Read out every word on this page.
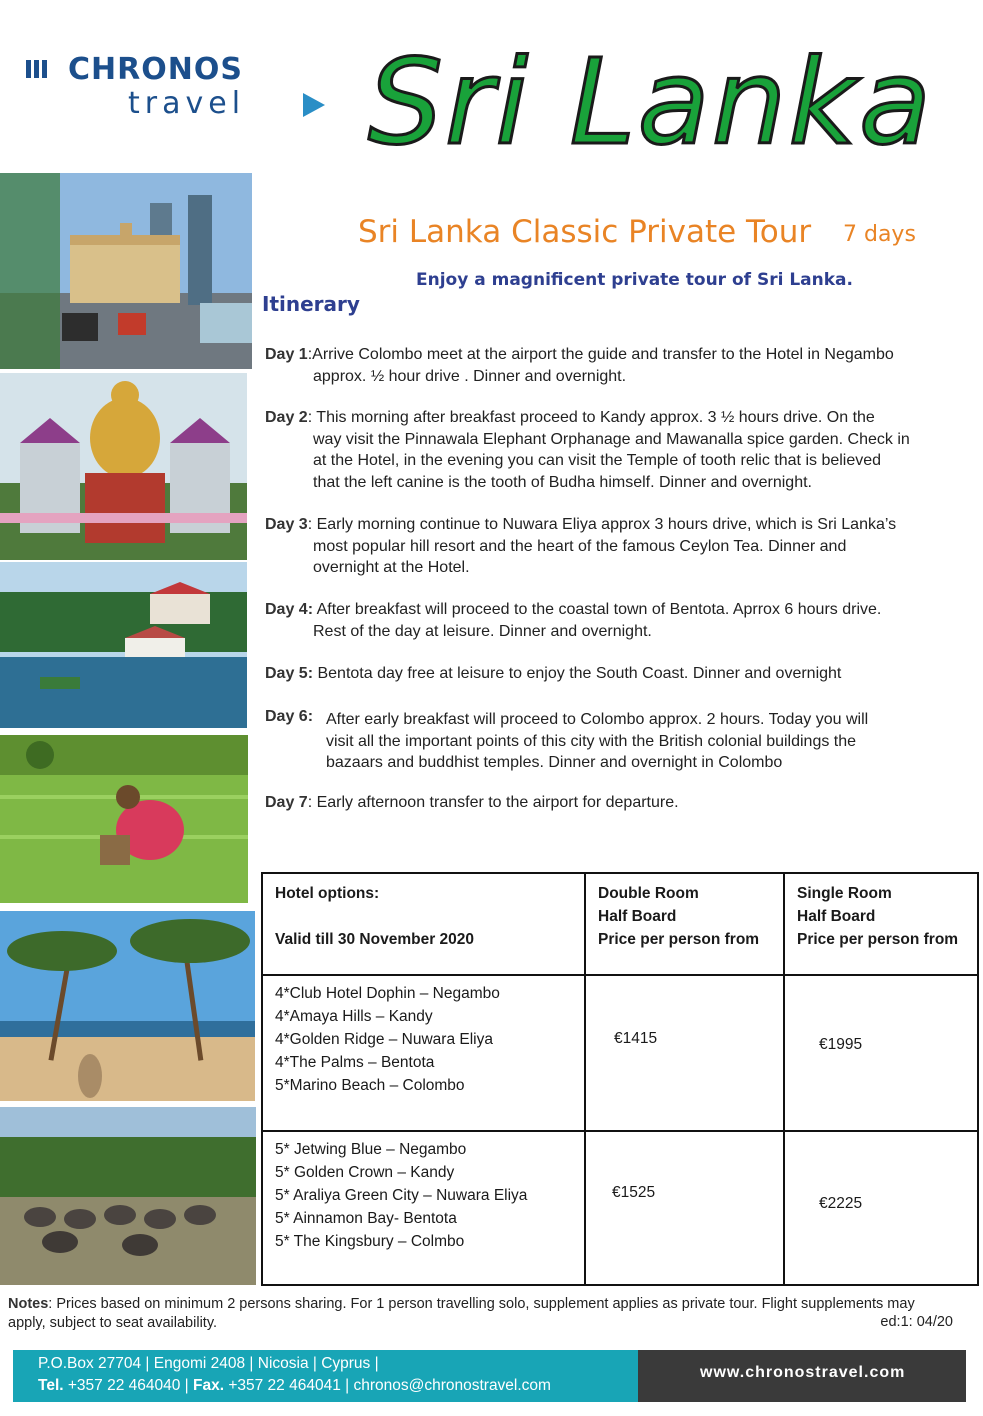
CHRONOS
travel Sri Lanka
Sri Lanka Classic Private Tour 7 days
Enjoy a magnificent private tour of Sri Lanka.
Itinerary
Day 1:Arrive Colombo meet at the airport the guide and transfer to the Hotel in Negambo
approx. ½ hour drive . Dinner and overnight.
Day 2: This morning after breakfast proceed to Kandy approx. 3 ½ hours drive. On the
way visit the Pinnawala Elephant Orphanage and Mawanalla spice garden. Check in
at the Hotel, in the evening you can visit the Temple of tooth relic that is believed
that the left canine is the tooth of Budha himself. Dinner and overnight.
Day 3: Early morning continue to Nuwara Eliya approx 3 hours drive, which is Sri Lanka’s
most popular hill resort and the heart of the famous Ceylon Tea. Dinner and
overnight at the Hotel.
Day 4: After breakfast will proceed to the coastal town of Bentota. Aprrox 6 hours drive.
Rest of the day at leisure. Dinner and overnight.
Day 5: Bentota day free at leisure to enjoy the South Coast. Dinner and overnight
Day 6: After early breakfast will proceed to Colombo approx. 2 hours. Today you will
visit all the important points of this city with the British colonial buildings the
bazaars and buddhist temples. Dinner and overnight in Colombo
Day 7: Early afternoon transfer to the airport for departure.
Hotel options:

Valid till 30 November 2020
Double Room
Half Board
Price per person from
Single Room
Half Board
Price per person from
4*Club Hotel Dophin – Negambo
4*Amaya Hills – Kandy
4*Golden Ridge – Nuwara Eliya
4*The Palms – Bentota
5*Marino Beach – Colombo
€1415	€1995
5* Jetwing Blue – Negambo
5* Golden Crown – Kandy
5* Araliya Green City – Nuwara Eliya
5* Ainnamon Bay- Bentota
5* The Kingsbury – Colmbo
€1525
€2225
Notes: Prices based on minimum 2 persons sharing. For 1 person travelling solo, supplement applies as private tour. Flight supplements may apply, subject to seat availability.	ed:1: 04/20
P.O.Box 27704 | Engomi 2408 | Nicosia | Cyprus |
Tel. +357 22 464040 | Fax. +357 22 464041 | chronos@chronostravel.com
www.chronostravel.com
